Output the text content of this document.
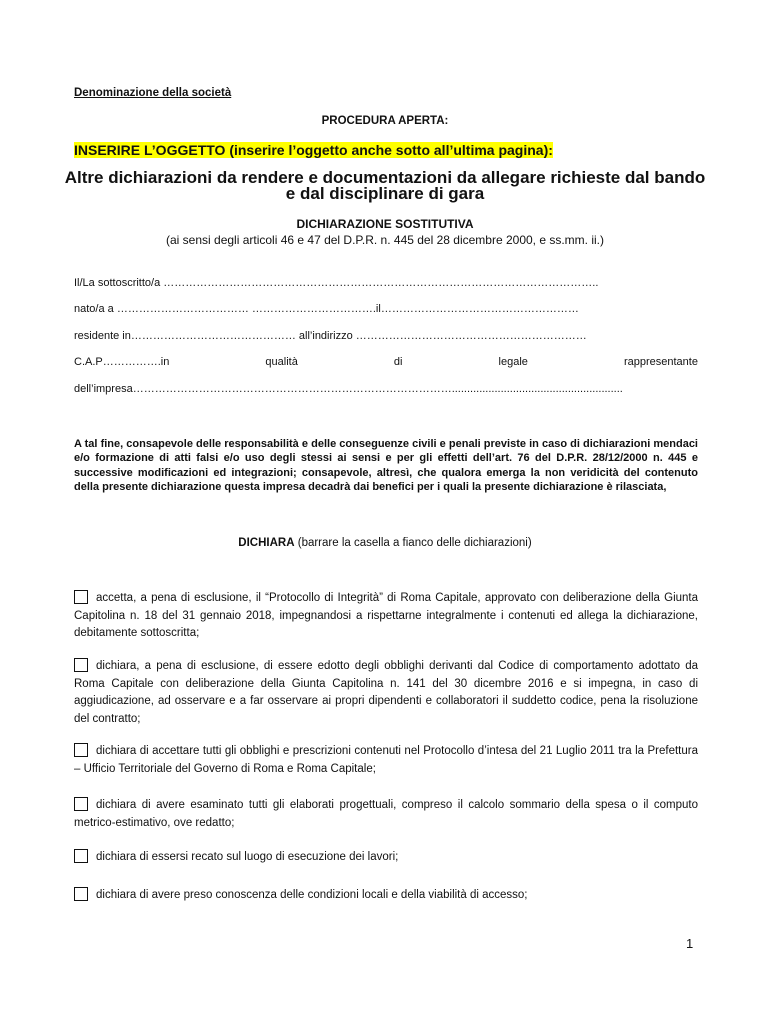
Denominazione della società
PROCEDURA APERTA:
INSERIRE L’OGGETTO (inserire l’oggetto anche sotto all’ultima pagina):
Altre dichiarazioni da rendere e documentazioni da allegare richieste dal bando e dal disciplinare di gara
DICHIARAZIONE SOSTITUTIVA
(ai sensi degli articoli 46 e 47 del D.P.R. n. 445 del 28 dicembre 2000, e ss.mm. ii.)
Il/La sottoscritto/a ………………………………………………………………………………………………………..
nato/a a ……………………………… …………………………….il………………………………………………
residente in……………………………………… all’indirizzo ………………………………………………………
C.A.P…………….in	qualità	di	legale	rappresentante
dell’impresa……………………………………………………………………………........................................................
A tal fine, consapevole delle responsabilità e delle conseguenze civili e penali previste in caso di dichiarazioni mendaci e/o formazione di atti falsi e/o uso degli stessi ai sensi e per gli effetti dell’art. 76 del D.P.R. 28/12/2000 n. 445 e successive modificazioni ed integrazioni; consapevole, altresì, che qualora emerga la non veridicità del contenuto della presente dichiarazione questa impresa decadrà dai benefici per i quali la presente dichiarazione è rilasciata,
DICHIARA (barrare la casella a fianco delle dichiarazioni)
accetta, a pena di esclusione, il “Protocollo di Integrità” di Roma Capitale, approvato con deliberazione della Giunta Capitolina n. 18 del 31 gennaio 2018, impegnandosi a rispettarne integralmente i contenuti ed allega la dichiarazione, debitamente sottoscritta;
dichiara, a pena di esclusione, di essere edotto degli obblighi derivanti dal Codice di comportamento adottato da Roma Capitale con deliberazione della Giunta Capitolina n. 141 del 30 dicembre 2016 e si impegna, in caso di aggiudicazione, ad osservare e a far osservare ai propri dipendenti e collaboratori il suddetto codice, pena la risoluzione del contratto;
dichiara di accettare tutti gli obblighi e prescrizioni contenuti nel Protocollo d’intesa del 21 Luglio 2011 tra la Prefettura – Ufficio Territoriale del Governo di Roma e Roma Capitale;
dichiara di avere esaminato tutti gli elaborati progettuali, compreso il calcolo sommario della spesa o il computo metrico-estimativo, ove redatto;
dichiara di essersi recato sul luogo di esecuzione dei lavori;
dichiara di avere preso conoscenza delle condizioni locali e della viabilità di accesso;
1
